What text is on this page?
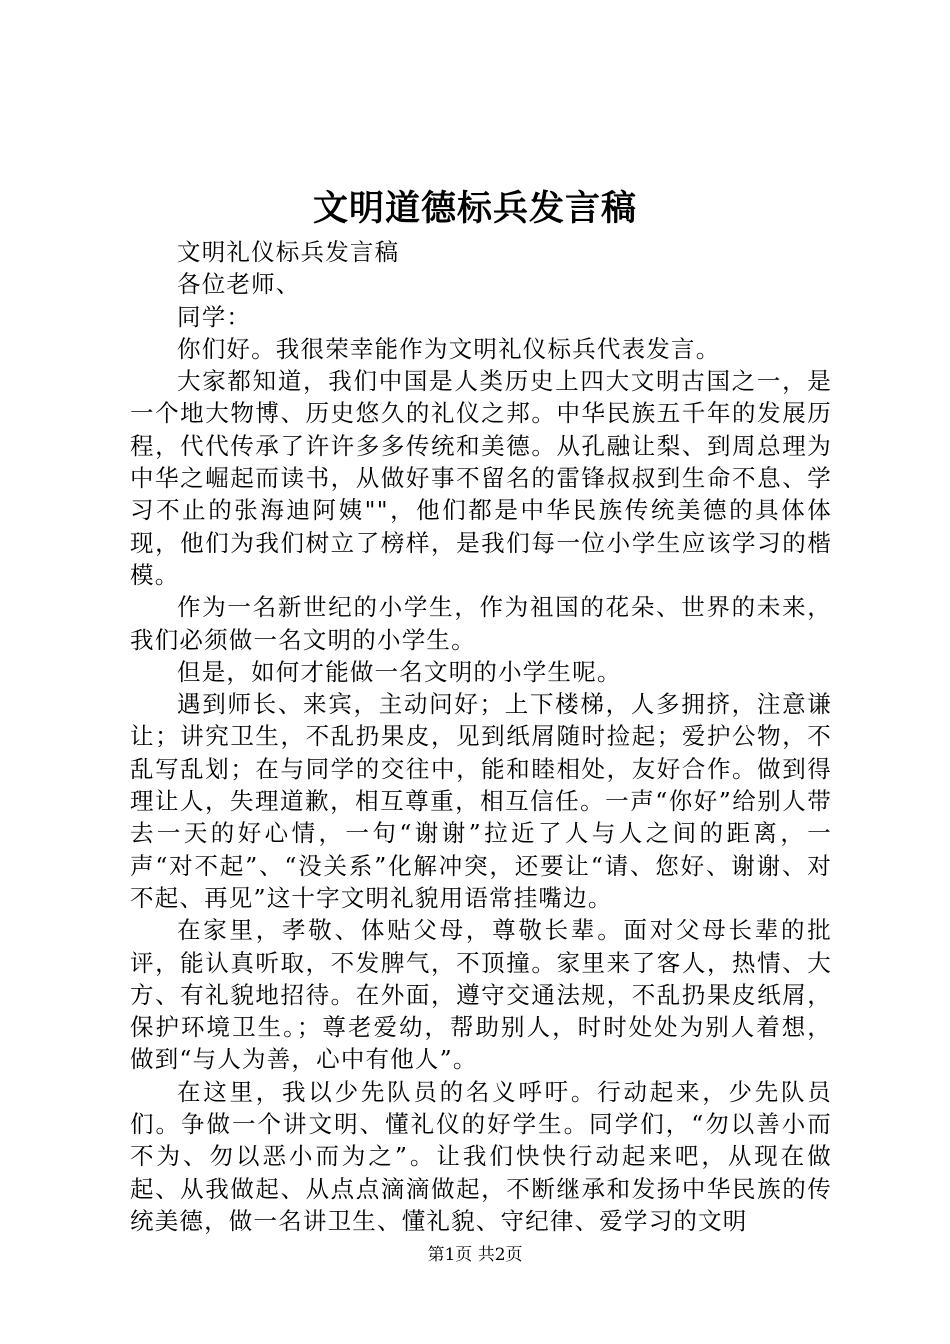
文明道德标兵发言稿

文明礼仪标兵发言稿

各位老师、

同学：

你们好。我很荣幸能作为文明礼仪标兵代表发言。

大家都知道，我们中国是人类历史上四大文明古国之一，是一个地大物博、历史悠久的礼仪之邦。中华民族五千年的发展历程，代代传承了许许多多传统和美德。从孔融让梨、到周总理为中华之崛起而读书，从做好事不留名的雷锋叔叔到生命不息、学习不止的张海迪阿姨""，他们都是中华民族传统美德的具体体现，他们为我们树立了榜样，是我们每一位小学生应该学习的楷模。

作为一名新世纪的小学生，作为祖国的花朵、世界的未来，我们必须做一名文明的小学生。

但是，如何才能做一名文明的小学生呢。

遇到师长、来宾，主动问好；上下楼梯，人多拥挤，注意谦让；讲究卫生，不乱扔果皮，见到纸屑随时捡起；爱护公物，不乱写乱划；在与同学的交往中，能和睦相处，友好合作。做到得理让人，失理道歉，相互尊重，相互信任。一声“你好”给别人带去一天的好心情，一句“谢谢”拉近了人与人之间的距离，一声“对不起”、“没关系”化解冲突，还要让“请、您好、谢谢、对不起、再见”这十字文明礼貌用语常挂嘴边。

在家里，孝敬、体贴父母，尊敬长辈。面对父母长辈的批评，能认真听取，不发脾气，不顶撞。家里来了客人，热情、大方、有礼貌地招待。在外面，遵守交通法规，不乱扔果皮纸屑，保护环境卫生。；尊老爱幼，帮助别人，时时处处为别人着想，做到“与人为善，心中有他人”。

在这里，我以少先队员的名义呼吁。行动起来，少先队员们。争做一个讲文明、懂礼仪的好学生。同学们，“勿以善小而不为、勿以恶小而为之”。让我们快快行动起来吧，从现在做起、从我做起、从点点滴滴做起，不断继承和发扬中华民族的传统美德，做一名讲卫生、懂礼貌、守纪律、爱学习的文明

第1页 共2页
